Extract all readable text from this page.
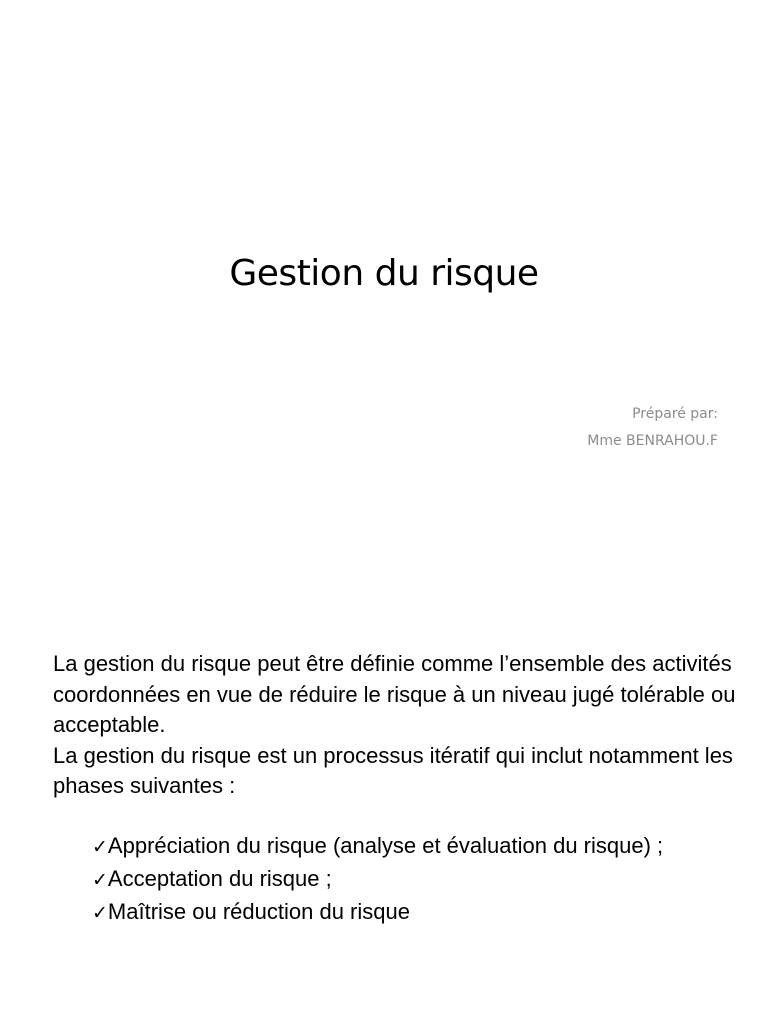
Gestion du risque
Préparé par:
Mme BENRAHOU.F

La gestion du risque peut être définie comme l’ensemble des activités coordonnées en vue de réduire le risque à un niveau jugé tolérable ou acceptable.

La gestion du risque est un processus itératif qui inclut notamment les phases suivantes :

✓Appréciation du risque (analyse et évaluation du risque) ;
✓Acceptation du risque ;
✓Maîtrise ou réduction du risque
